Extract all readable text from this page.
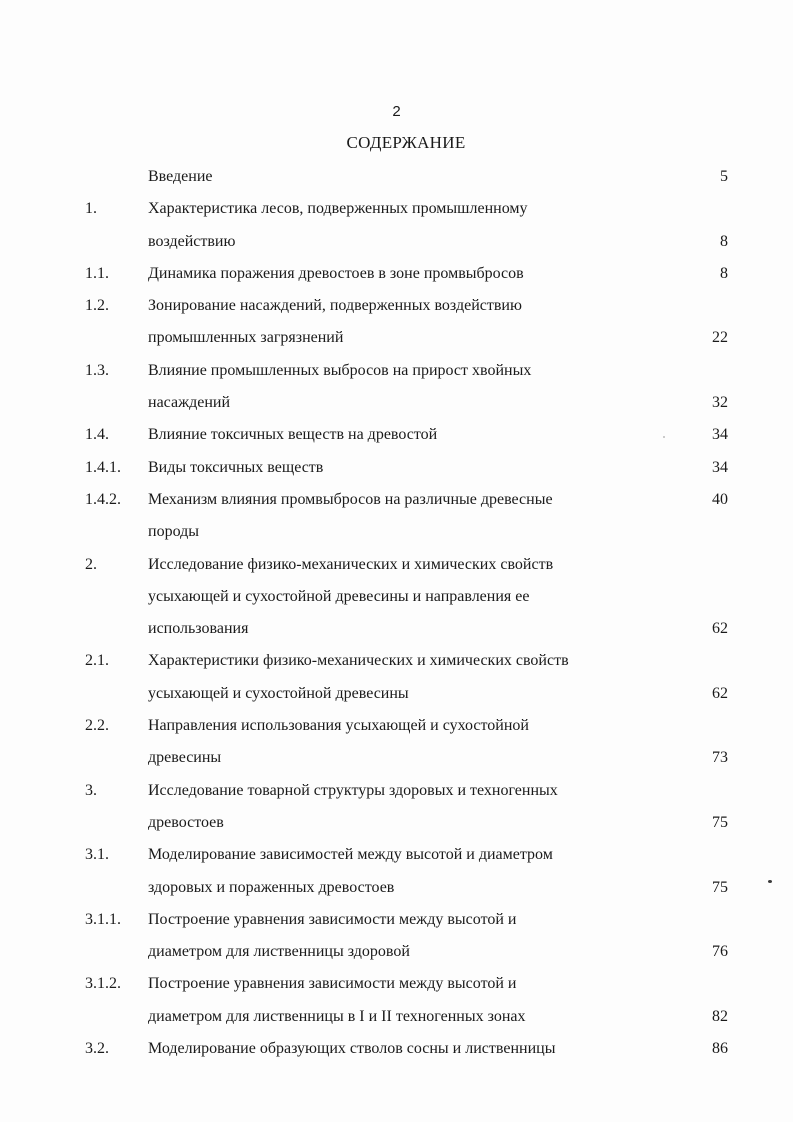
2
СОДЕРЖАНИЕ
Введение	5
1.	Характеристика лесов, подверженных промышленному
воздействию	8
1.1. Динамика поражения древостоев в зоне промвыбросов	8
1.2. Зонирование насаждений, подверженных воздействию
промышленных загрязнений	22
1.3. Влияние промышленных выбросов на прирост хвойных
насаждений	32
1.4. Влияние токсичных веществ на древостой	34
1.4.1. Виды токсичных веществ	34
1.4.2. Механизм влияния промвыбросов на различные древесные	40
породы
2.	Исследование физико-механических и химических свойств
усыхающей и сухостойной древесины и направления ее
использования	62
2.1. Характеристики физико-механических и химических свойств
усыхающей и сухостойной древесины	62
2.2. Направления использования усыхающей и сухостойной
древесины	73
3.	Исследование товарной структуры здоровых и техногенных
древостоев	75
3.1. Моделирование зависимостей между высотой и диаметром
здоровых и пораженных древостоев	75
3.1.1. Построение уравнения зависимости между высотой и
диаметром для лиственницы здоровой	76
3.1.2. Построение уравнения зависимости между высотой и
диаметром для лиственницы в I и II техногенных зонах	82
3.2. Моделирование образующих стволов сосны и лиственницы	86
